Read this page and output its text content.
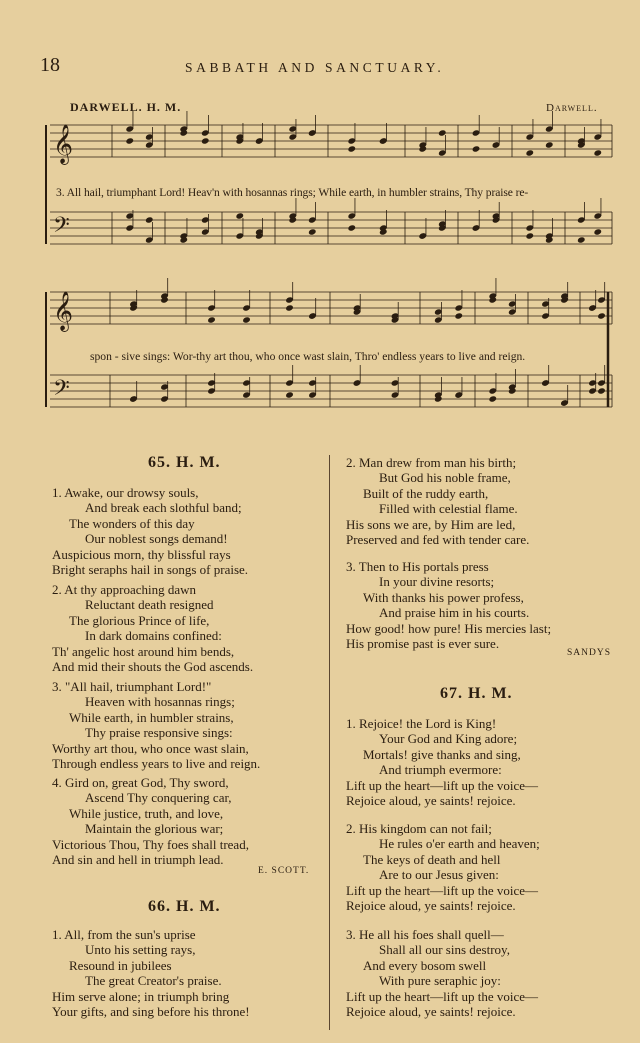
18	SABBATH AND SANCTUARY.
DARWELL. H. M.	Darwell.
𝄞
𝄢
𝄞
𝄢
3. All hail, triumphant Lord! Heav'n with hosannas rings; While earth, in humbler strains, Thy praise re-
spon - sive sings: Wor-thy art thou, who once wast slain, Thro' endless years to live and reign.
65. H. M.
1. Awake, our drowsy souls,
And break each slothful band;
The wonders of this day
Our noblest songs demand!
Auspicious morn, thy blissful rays
Bright seraphs hail in songs of praise.
2. At thy approaching dawn
Reluctant death resigned
The glorious Prince of life,
In dark domains confined:
Th' angelic host around him bends,
And mid their shouts the God ascends.
3. "All hail, triumphant Lord!"
Heaven with hosannas rings;
While earth, in humbler strains,
Thy praise responsive sings:
Worthy art thou, who once wast slain,
Through endless years to live and reign.
4. Gird on, great God, Thy sword,
Ascend Thy conquering car,
While justice, truth, and love,
Maintain the glorious war;
Victorious Thou, Thy foes shall tread,
And sin and hell in triumph lead.
E. SCOTT.
66. H. M.
1. All, from the sun's uprise
Unto his setting rays,
Resound in jubilees
The great Creator's praise.
Him serve alone; in triumph bring
Your gifts, and sing before his throne!
2. Man drew from man his birth;
But God his noble frame,
Built of the ruddy earth,
Filled with celestial flame.
His sons we are, by Him are led,
Preserved and fed with tender care.
3. Then to His portals press
In your divine resorts;
With thanks his power profess,
And praise him in his courts.
How good! how pure! His mercies last;
His promise past is ever sure.
SANDYS
67. H. M.
1. Rejoice! the Lord is King!
Your God and King adore;
Mortals! give thanks and sing,
And triumph evermore:
Lift up the heart—lift up the voice—
Rejoice aloud, ye saints! rejoice.
2. His kingdom can not fail;
He rules o'er earth and heaven;
The keys of death and hell
Are to our Jesus given:
Lift up the heart—lift up the voice—
Rejoice aloud, ye saints! rejoice.
3. He all his foes shall quell—
Shall all our sins destroy,
And every bosom swell
With pure seraphic joy:
Lift up the heart—lift up the voice—
Rejoice aloud, ye saints! rejoice.
